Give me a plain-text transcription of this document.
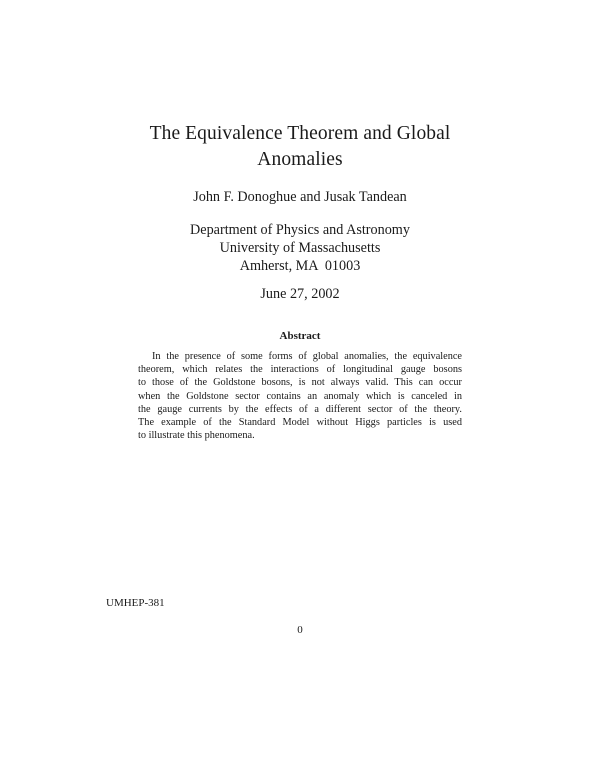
The Equivalence Theorem and Global
Anomalies
John F. Donoghue and Jusak Tandean
Department of Physics and Astronomy
University of Massachusetts
Amherst, MA  01003
June 27, 2002
Abstract
In the presence of some forms of global anomalies, the equivalence
theorem, which relates the interactions of longitudinal gauge bosons
to those of the Goldstone bosons, is not always valid. This can occur
when the Goldstone sector contains an anomaly which is canceled in
the gauge currents by the effects of a different sector of the theory.
The example of the Standard Model without Higgs particles is used
to illustrate this phenomena.
UMHEP-381
0
